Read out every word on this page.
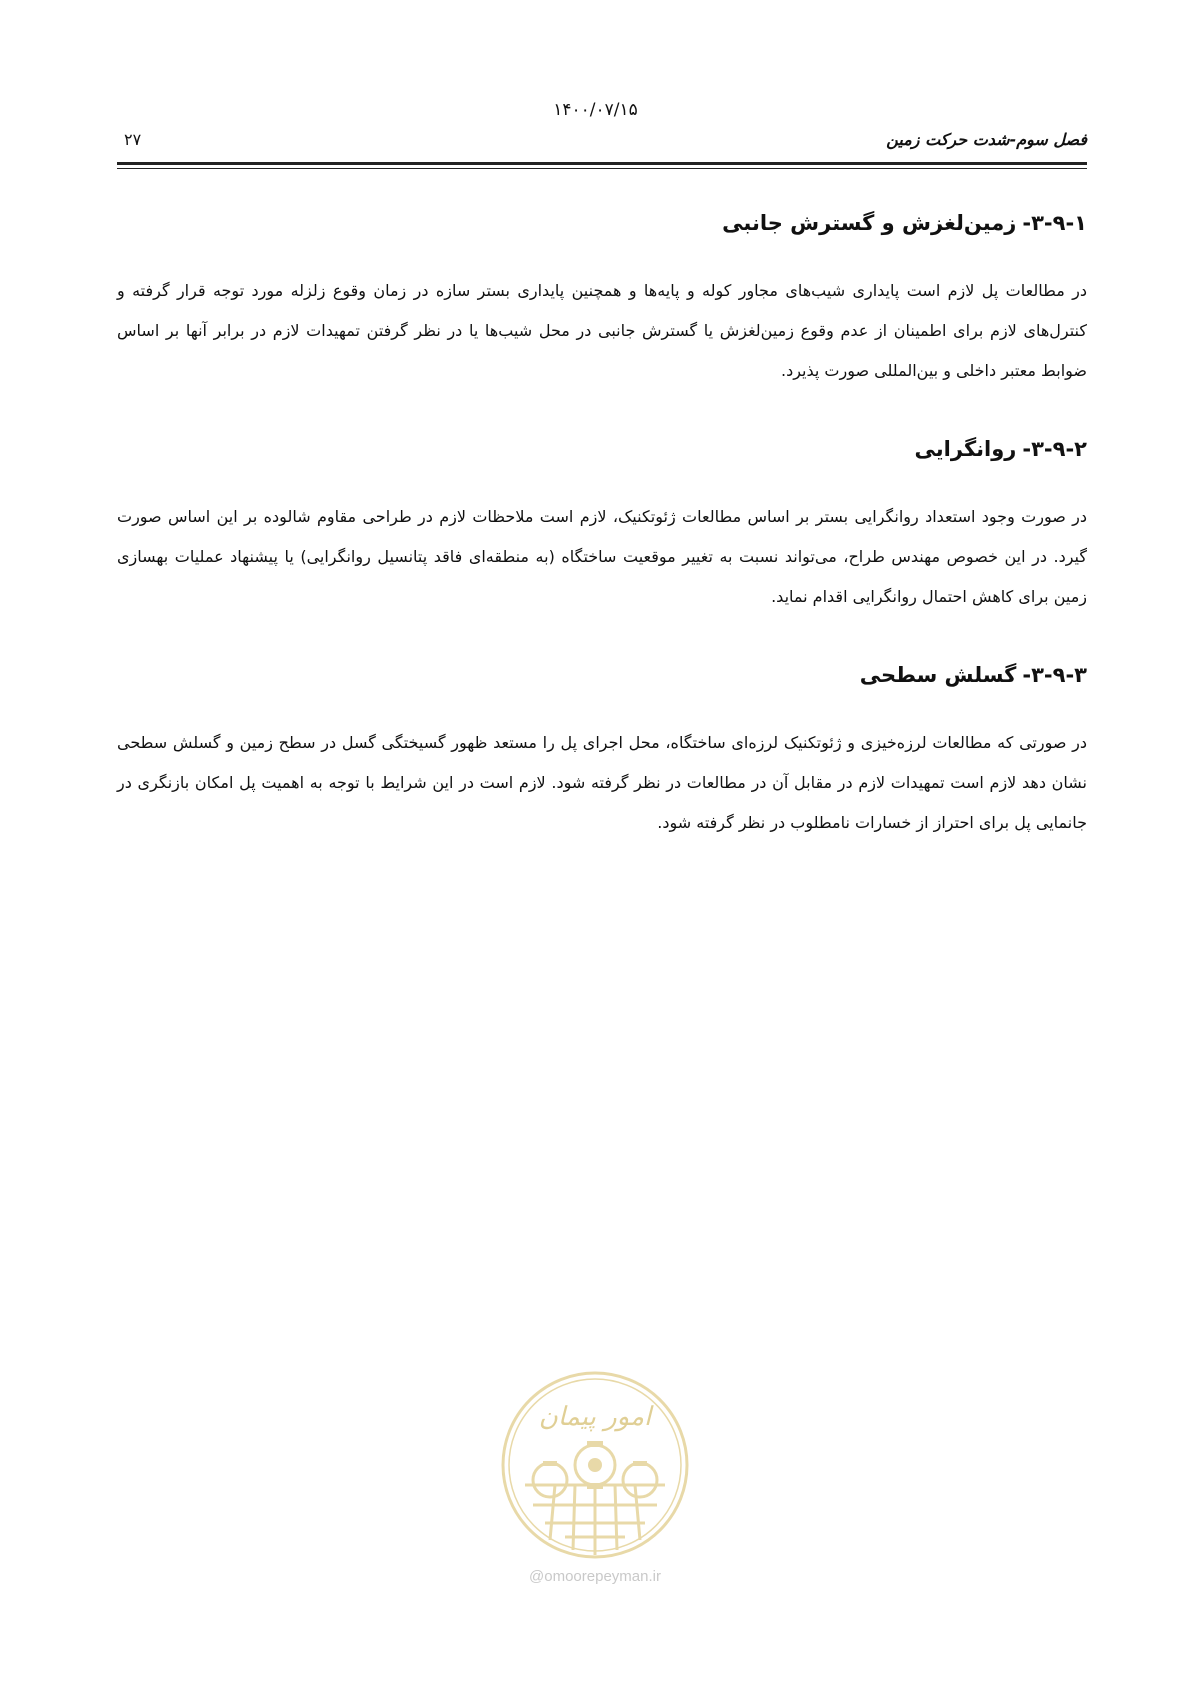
۱۴۰۰/۰۷/۱۵
فصل سوم-شدت حرکت زمین
۲۷
۳-۹-۱-زمین‌لغزش و گسترش جانبی

در مطالعات پل لازم است پایداری شیب‌های مجاور کوله و پایه‌ها و همچنین پایداری بستر سازه در زمان وقوع زلزله مورد توجه قرار گرفته و کنترل‌های لازم برای اطمینان از عدم وقوع زمین‌لغزش یا گسترش جانبی در محل شیب‌ها یا در نظر گرفتن تمهیدات لازم در برابر آنها بر اساس ضوابط معتبر داخلی و بین‌المللی صورت پذیرد.

۳-۹-۲-روانگرایی

در صورت وجود استعداد روانگرایی بستر بر اساس مطالعات ژئوتکنیک، لازم است ملاحظات لازم در طراحی مقاوم شالوده بر این اساس صورت گیرد. در این خصوص مهندس طراح، می‌تواند نسبت به تغییر موقعیت ساختگاه (به منطقه‌ای فاقد پتانسیل روانگرایی) یا پیشنهاد عملیات بهسازی زمین برای کاهش احتمال روانگرایی اقدام نماید.

۳-۹-۳-گسلش سطحی

در صورتی که مطالعات لرزه‌خیزی و ژئوتکنیک لرزه‌ای ساختگاه، محل اجرای پل را مستعد ظهور گسیختگی گسل در سطح زمین و گسلش سطحی نشان دهد لازم است تمهیدات لازم در مقابل آن در مطالعات در نظر گرفته شود. لازم است در این شرایط با توجه به اهمیت پل امکان بازنگری در جانمایی پل برای احتراز از خسارات نامطلوب در نظر گرفته شود.

امور پیمان
@omoorepeyman.ir
